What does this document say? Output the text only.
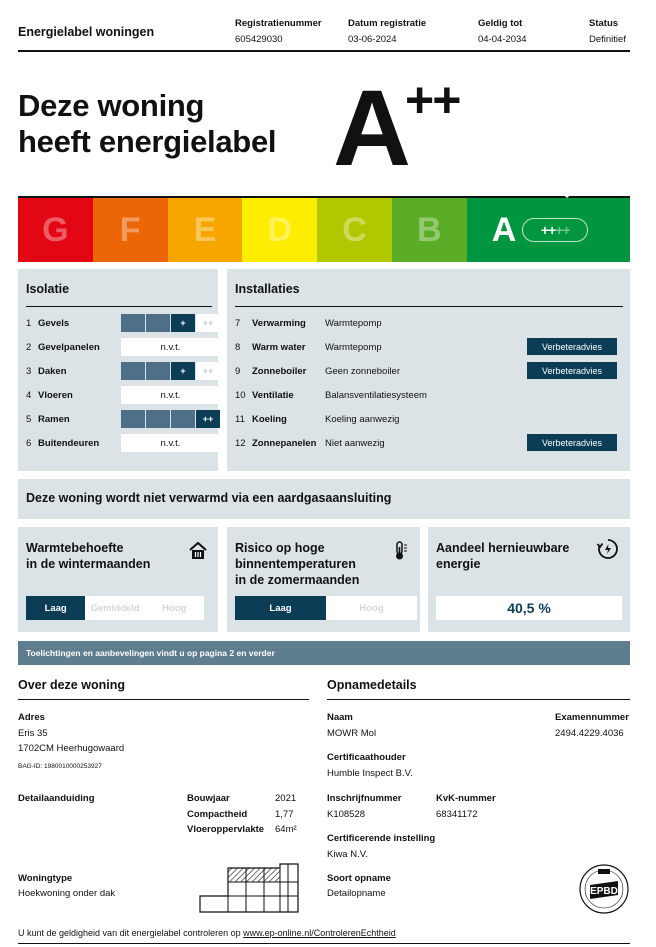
Energielabel woningen
Registratienummer
605429030
Datum registratie
03-06-2024
Geldig tot
04-04-2034
Status
Definitief
Deze woning
heeft energielabel A
++
G F E D C B A ++ ++
Isolatie
1 Gevels	+	++
2 Gevelpanelen	n.v.t.
3 Daken	+	++
4 Vloeren	n.v.t.
5 Ramen	++
6 Buitendeuren	n.v.t.
Installaties
7	Verwarming Warmtepomp
8	Warm water Warmtepomp	Verbeteradvies
9	Zonneboiler Geen zonneboiler	Verbeteradvies
10 Ventilatie	Balansventilatiesysteem
11 Koeling	Koeling aanwezig
12 Zonnepanelen Niet aanwezig	Verbeteradvies
Deze woning wordt niet verwarmd via een aardgasaansluiting
Warmtebehoefte
in de wintermaanden
Laag	Gemiddeld	Hoog
Risico op hoge
binnentemperaturen
in de zomermaanden
Laag	Hoog
Aandeel hernieuwbare
energie
40,5 %
Toelichtingen en aanbevelingen vindt u op pagina 2 en verder
Over deze woning
Adres
Eris 35
1702CM Heerhugowaard
BAG-ID: 1980010000253927
Detailaanduiding	Bouwjaar	2021
Compactheid	1,77
Vloeroppervlakte 64m²
Woningtype
Hoekwoning onder dak
Opnamedetails
Naam
MOWR Mol
Examennummer
2494.4229.4036
Certificaathouder
Humble Inspect B.V.
Inschrijfnummer
K108528
KvK-nummer
68341172
Certificerende instelling
Kiwa N.V.
Soort opname
Detailopname	EPBD
U kunt de geldigheid van dit energielabel controleren op www.ep-online.nl/ControlerenEchtheid
